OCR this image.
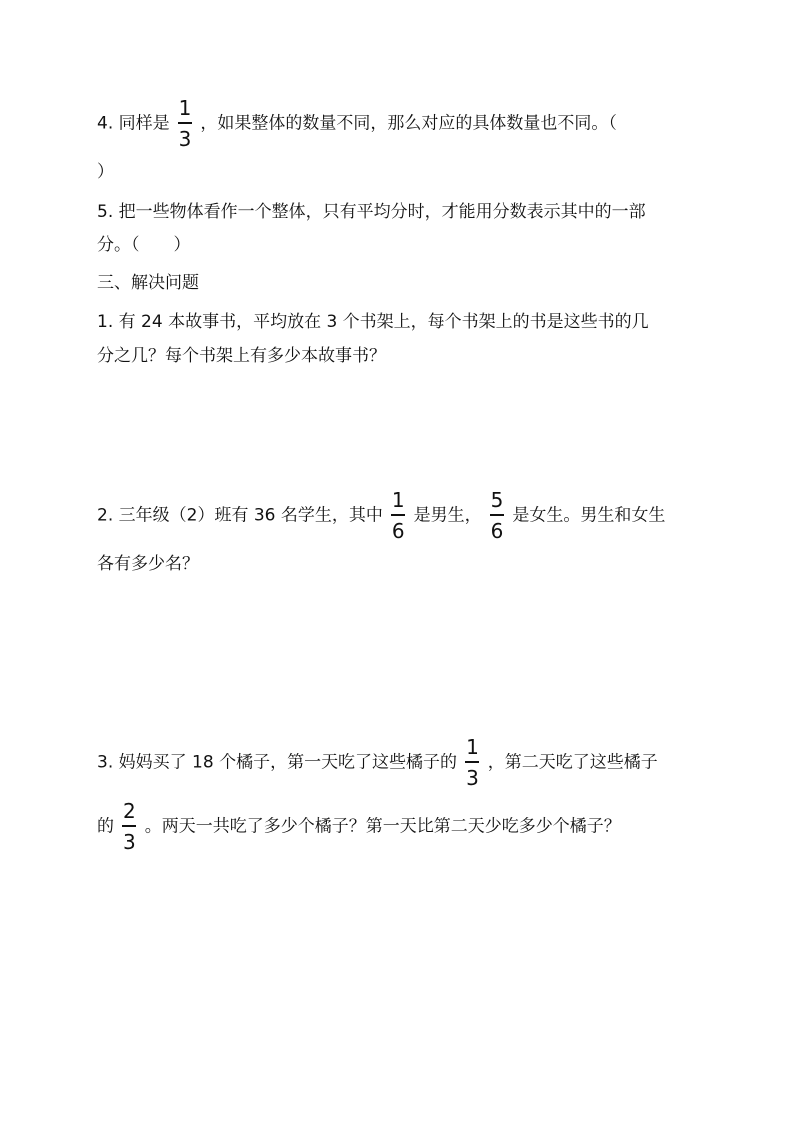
4. 同样是 $\frac{1}{3}$ ，如果整体的数量不同，那么对应的具体数量也不同。（
）
5. 把一些物体看作一个整体，只有平均分时，才能用分数表示其中的一部
分。（　　）
三、解决问题
1. 有 24 本故事书，平均放在 3 个书架上，每个书架上的书是这些书的几
分之几？每个书架上有多少本故事书？
2. 三年级（2）班有 36 名学生，其中 $\frac{1}{6}$ 是男生， $\frac{5}{6}$ 是女生。男生和女生
各有多少名？
3. 妈妈买了 18 个橘子，第一天吃了这些橘子的 $\frac{1}{3}$ ，第二天吃了这些橘子
的 $\frac{2}{3}$ 。两天一共吃了多少个橘子？第一天比第二天少吃多少个橘子？
